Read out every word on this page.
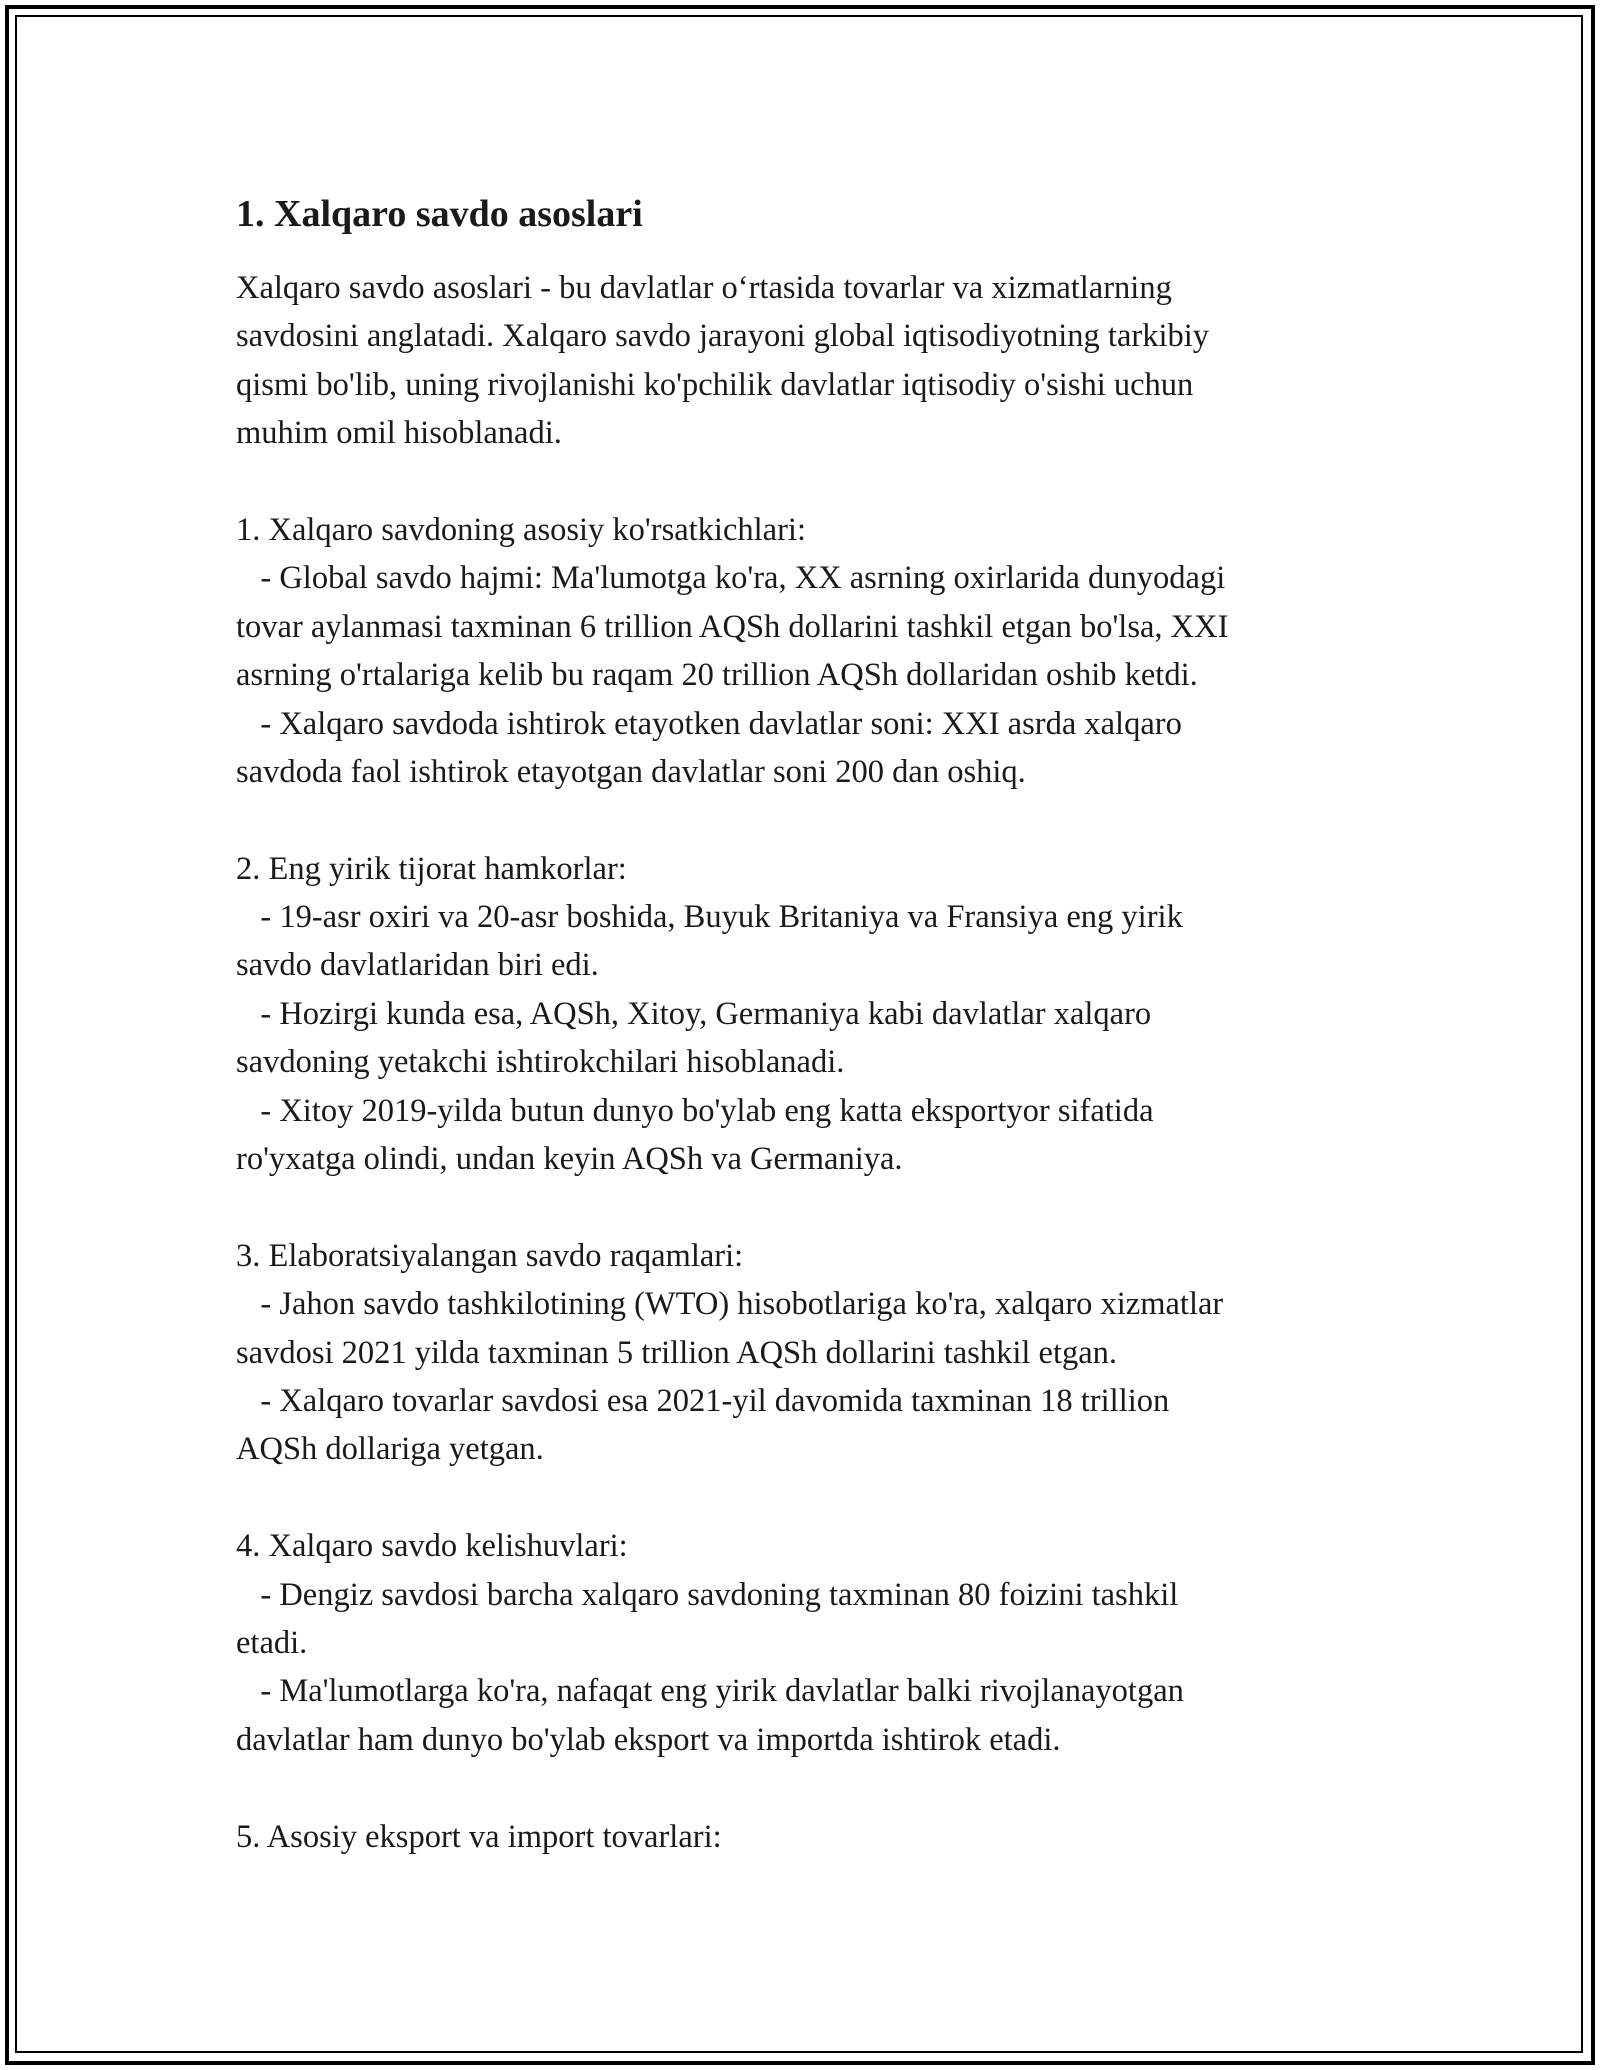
1. Xalqaro savdo asoslari
Xalqaro savdo asoslari - bu davlatlar o‘rtasida tovarlar va xizmatlarning
savdosini anglatadi. Xalqaro savdo jarayoni global iqtisodiyotning tarkibiy
qismi bo'lib, uning rivojlanishi ko'pchilik davlatlar iqtisodiy o'sishi uchun
muhim omil hisoblanadi.
1. Xalqaro savdoning asosiy ko'rsatkichlari:
- Global savdo hajmi: Ma'lumotga ko'ra, XX asrning oxirlarida dunyodagi
tovar aylanmasi taxminan 6 trillion AQSh dollarini tashkil etgan bo'lsa, XXI
asrning o'rtalariga kelib bu raqam 20 trillion AQSh dollaridan oshib ketdi.
- Xalqaro savdoda ishtirok etayotken davlatlar soni: XXI asrda xalqaro
savdoda faol ishtirok etayotgan davlatlar soni 200 dan oshiq.
2. Eng yirik tijorat hamkorlar:
- 19-asr oxiri va 20-asr boshida, Buyuk Britaniya va Fransiya eng yirik
savdo davlatlaridan biri edi.
- Hozirgi kunda esa, AQSh, Xitoy, Germaniya kabi davlatlar xalqaro
savdoning yetakchi ishtirokchilari hisoblanadi.
- Xitoy 2019-yilda butun dunyo bo'ylab eng katta eksportyor sifatida
ro'yxatga olindi, undan keyin AQSh va Germaniya.
3. Elaboratsiyalangan savdo raqamlari:
- Jahon savdo tashkilotining (WTO) hisobotlariga ko'ra, xalqaro xizmatlar
savdosi 2021 yilda taxminan 5 trillion AQSh dollarini tashkil etgan.
- Xalqaro tovarlar savdosi esa 2021-yil davomida taxminan 18 trillion
AQSh dollariga yetgan.
4. Xalqaro savdo kelishuvlari:
- Dengiz savdosi barcha xalqaro savdoning taxminan 80 foizini tashkil
etadi.
- Ma'lumotlarga ko'ra, nafaqat eng yirik davlatlar balki rivojlanayotgan
davlatlar ham dunyo bo'ylab eksport va importda ishtirok etadi.
5. Asosiy eksport va import tovarlari:
